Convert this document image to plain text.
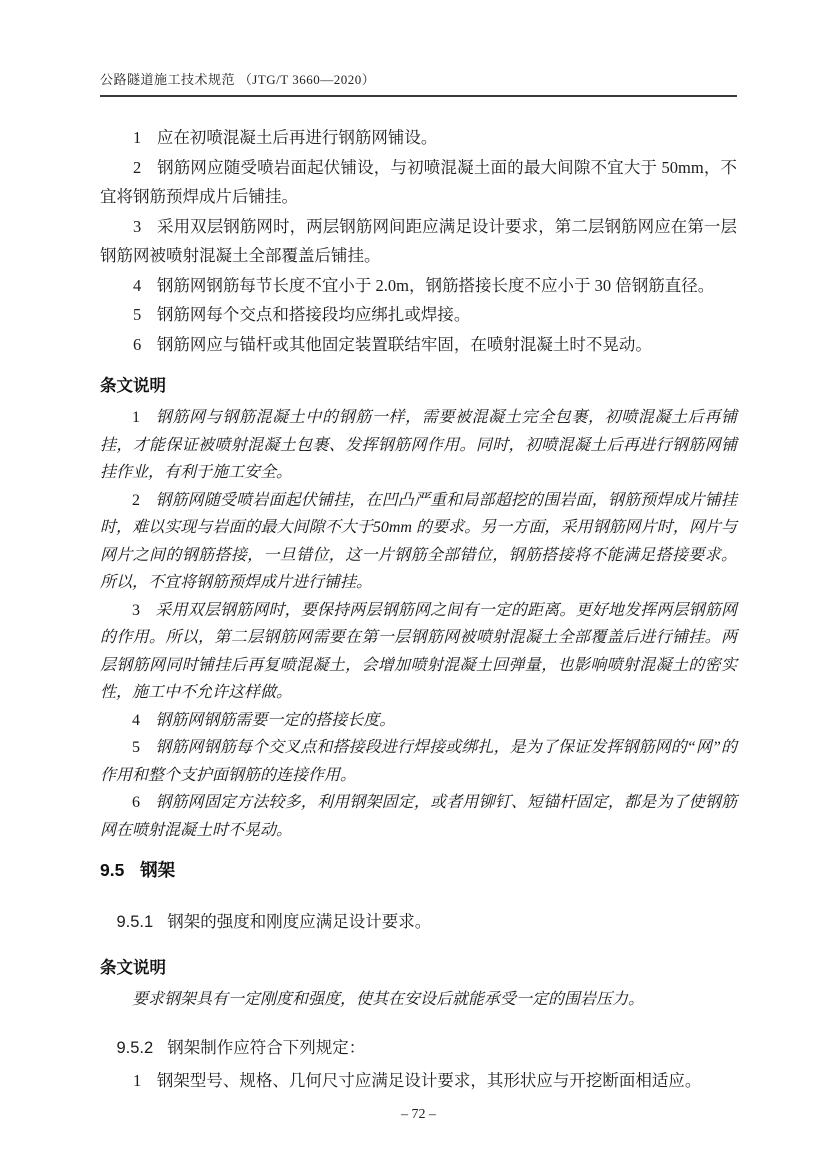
公路隧道施工技术规范 （JTG/T 3660—2020）

1 应在初喷混凝土后再进行钢筋网铺设。

2 钢筋网应随受喷岩面起伏铺设，与初喷混凝土面的最大间隙不宜大于 50mm，不宜将钢筋预焊成片后铺挂。

3 采用双层钢筋网时，两层钢筋网间距应满足设计要求，第二层钢筋网应在第一层钢筋网被喷射混凝土全部覆盖后铺挂。

4 钢筋网钢筋每节长度不宜小于 2.0m，钢筋搭接长度不应小于 30 倍钢筋直径。

5 钢筋网每个交点和搭接段均应绑扎或焊接。

6 钢筋网应与锚杆或其他固定装置联结牢固，在喷射混凝土时不晃动。

条文说明

1 钢筋网与钢筋混凝土中的钢筋一样，需要被混凝土完全包裹，初喷混凝土后再铺挂，才能保证被喷射混凝土包裹、发挥钢筋网作用。同时，初喷混凝土后再进行钢筋网铺挂作业，有利于施工安全。

2 钢筋网随受喷岩面起伏铺挂，在凹凸严重和局部超挖的围岩面，钢筋预焊成片铺挂时，难以实现与岩面的最大间隙不大于50mm 的要求。另一方面，采用钢筋网片时，网片与网片之间的钢筋搭接，一旦错位，这一片钢筋全部错位，钢筋搭接将不能满足搭接要求。所以，不宜将钢筋预焊成片进行铺挂。

3 采用双层钢筋网时，要保持两层钢筋网之间有一定的距离。更好地发挥两层钢筋网的作用。所以，第二层钢筋网需要在第一层钢筋网被喷射混凝土全部覆盖后进行铺挂。两层钢筋网同时铺挂后再复喷混凝土，会增加喷射混凝土回弹量，也影响喷射混凝土的密实性，施工中不允许这样做。

4 钢筋网钢筋需要一定的搭接长度。

5 钢筋网钢筋每个交叉点和搭接段进行焊接或绑扎，是为了保证发挥钢筋网的“网”的作用和整个支护面钢筋的连接作用。

6 钢筋网固定方法较多，利用钢架固定，或者用铆钉、短锚杆固定，都是为了使钢筋网在喷射混凝土时不晃动。

9.5 钢架

9.5.1 钢架的强度和刚度应满足设计要求。

条文说明

要求钢架具有一定刚度和强度，使其在安设后就能承受一定的围岩压力。

9.5.2 钢架制作应符合下列规定：

1 钢架型号、规格、几何尺寸应满足设计要求，其形状应与开挖断面相适应。

– 72 –
